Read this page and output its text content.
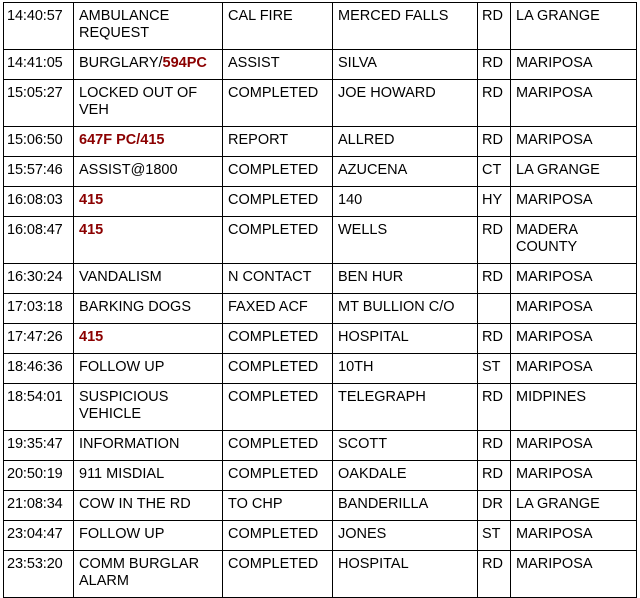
14:40:57	AMBULANCE REQUEST	CAL FIRE	MERCED FALLS	RD	LA GRANGE
14:41:05	BURGLARY/594PC	ASSIST	SILVA	RD	MARIPOSA
15:05:27	LOCKED OUT OF VEH	COMPLETED	JOE HOWARD	RD	MARIPOSA
15:06:50	647F PC/415	REPORT	ALLRED	RD	MARIPOSA
15:57:46	ASSIST@1800	COMPLETED	AZUCENA	CT	LA GRANGE
16:08:03	415	COMPLETED	140	HY	MARIPOSA
16:08:47	415	COMPLETED	WELLS	RD	MADERA COUNTY
16:30:24	VANDALISM	N CONTACT	BEN HUR	RD	MARIPOSA
17:03:18	BARKING DOGS	FAXED ACF	MT BULLION C/O		MARIPOSA
17:47:26	415	COMPLETED	HOSPITAL	RD	MARIPOSA
18:46:36	FOLLOW UP	COMPLETED	10TH	ST	MARIPOSA
18:54:01	SUSPICIOUS VEHICLE	COMPLETED	TELEGRAPH	RD	MIDPINES
19:35:47	INFORMATION	COMPLETED	SCOTT	RD	MARIPOSA
20:50:19	911 MISDIAL	COMPLETED	OAKDALE	RD	MARIPOSA
21:08:34	COW IN THE RD	TO CHP	BANDERILLA	DR	LA GRANGE
23:04:47	FOLLOW UP	COMPLETED	JONES	ST	MARIPOSA
23:53:20	COMM BURGLAR ALARM	COMPLETED	HOSPITAL	RD	MARIPOSA
